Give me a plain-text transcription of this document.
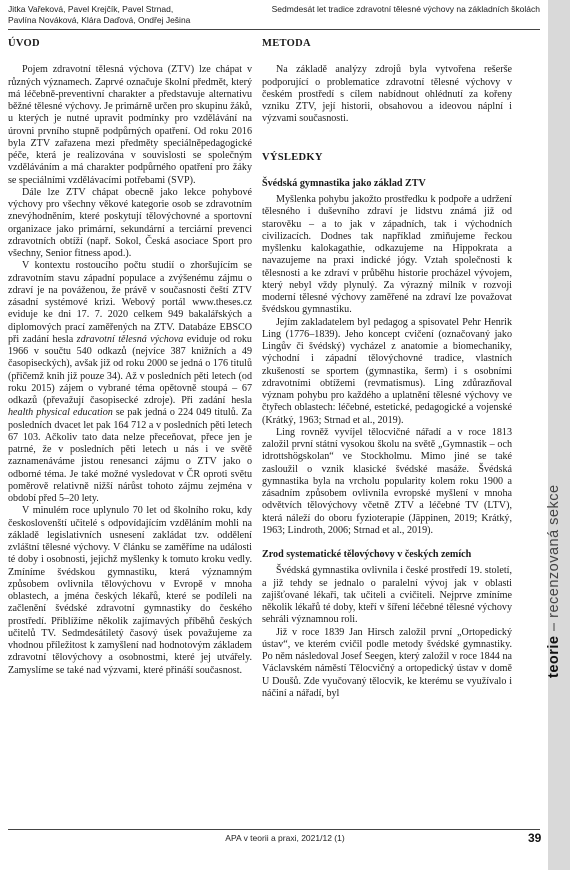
Jitka Vařeková, Pavel Krejčík, Pavel Strnad,
Pavlína Nováková, Klára Daďová, Ondřej Ješina
Sedmdesát let tradice zdravotní tělesné výchovy na základních školách
teorie – recenzovaná sekce
ÚVOD

Pojem zdravotní tělesná výchova (ZTV) lze chápat v různých významech. Zaprvé označuje školní předmět, který má léčebně-preventivní charakter a představuje alternativu běžné tělesné výchovy. Je primárně určen pro skupinu žáků, u kterých je nutné upravit podmínky pro vzdělávání na úrovni prvního stupně podpůrných opatření. Od roku 2016 byla ZTV zařazena mezi předměty speciálněpedagogické péče, která je realizována v souvislosti se společným vzděláváním a má charakter podpůrného opatření pro žáky se speciálními vzdělávacími potřebami (SVP).

Dále lze ZTV chápat obecně jako lekce pohybové výchovy pro všechny věkové kategorie osob se zdravotním znevýhodněním, které poskytují tělovýchovné a sportovní organizace jako primární, sekundární a terciární prevenci zdravotních obtíží (např. Sokol, Česká asociace Sport pro všechny, Senior fitness apod.).

V kontextu rostoucího počtu studií o zhoršujícím se zdravotním stavu západní populace a zvýšenému zájmu o zdraví je na pováženou, že právě v současnosti čeští ZTV zásadní systémové krizi. Webový portál www.theses.cz eviduje ke dni 17. 7. 2020 celkem 949 bakalářských a diplomových prací zaměřených na ZTV. Databáze EBSCO při zadání hesla zdravotní tělesná výchova eviduje od roku 1966 v součtu 540 odkazů (nejvíce 387 knižních a 49 časopiseckých), avšak již od roku 2000 se jedná o 176 titulů (přičemž knih již pouze 34). Až v posledních pěti letech (od roku 2015) zájem o vybrané téma opětovně stoupá – 67 odkazů (převažují časopisecké zdroje). Při zadání hesla health physical education se pak jedná o 224 049 titulů. Za posledních dvacet let pak 164 712 a v posledních pěti letech 67 103. Ačkoliv tato data nelze přeceňovat, přece jen je patrné, že v posledních pěti letech u nás i ve světě zaznamenáváme jistou renesanci zájmu o ZTV jako o odborné téma. Je také možné vysledovat v ČR oproti světu poměrově relativně nižší nárůst tohoto zájmu zejména v období před 5–20 lety.

V minulém roce uplynulo 70 let od školního roku, kdy českoslovenští učitelé s odpovídajícím vzděláním mohli na základě legislativních usnesení zakládat tzv. oddělení zvláštní tělesné výchovy. V článku se zaměříme na události té doby i osobnosti, jejichž myšlenky k tomuto kroku vedly. Zmíníme švédskou gymnastiku, která významným způsobem ovlivnila tělovýchovu v Evropě v mnoha oblastech, a jména českých lékařů, které se podíleli na začlenění švédské zdravotní gymnastiky do českého prostředí. Přiblížíme několik zajímavých příběhů českých učitelů TV. Sedmdesátiletý časový úsek považujeme za vhodnou příležitost k zamyšlení nad hodnotovým základem zdravotní tělovýchovy a osobnostmi, které jej utvářely. Zamyslíme se také nad výzvami, které přináší současnost.

METODA

Na základě analýzy zdrojů byla vytvořena rešerše podporující o problematice zdravotní tělesné výchovy v českém prostředí s cílem nabídnout ohlédnutí za kořeny vzniku ZTV, její historii, obsahovou a ideovou náplní i výzvami současnosti.

VÝSLEDKY
Švédská gymnastika jako základ ZTV

Myšlenka pohybu jakožto prostředku k podpoře a udržení tělesného i duševního zdraví je lidstvu známá již od starověku – a to jak v západních, tak i východních civilizacích. Dodnes tak například zmiňujeme řeckou myšlenku kalokagathie, odkazujeme na Hippokrata a navazujeme na praxi indické jógy. Vztah společnosti k tělesnosti a ke zdraví v průběhu historie procházel vývojem, který nebyl vždy plynulý. Za výrazný milník v rozvoji moderní tělesné výchovy zaměřené na zdraví lze považovat švédskou gymnastiku.

Jejím zakladatelem byl pedagog a spisovatel Pehr Henrik Ling (1776–1839). Jeho koncept cvičení (označovaný jako Lingův či švédský) vycházel z anatomie a biomechaniky, východní i západní tělovýchovné tradice, vlastních zkušeností se sportem (gymnastika, šerm) i s osobními zdravotními obtížemi (revmatismus). Ling zdůrazňoval význam pohybu pro každého a uplatnění tělesné výchovy ve čtyřech oblastech: léčebné, estetické, pedagogické a vojenské (Krátký, 1963; Strnad et al., 2019).

Ling rovněž vyvíjel tělocvičné nářadí a v roce 1813 založil první státní vysokou školu na světě „Gymnastik – och idrottshögskolan“ ve Stockholmu. Mimo jiné se také zasloužil o vznik klasické švédské masáže. Švédská gymnastika byla na vrcholu popularity kolem roku 1900 a zásadním způsobem ovlivnila evropské myšlení v mnoha odvětvích tělovýchovy včetně ZTV a léčebné TV (LTV), která náleží do oboru fyzioterapie (Jäppinen, 2019; Krátký, 1963; Lindroth, 2006; Strnad et al., 2019).

Zrod systematické tělovýchovy v českých zemích

Švédská gymnastika ovlivnila i české prostředí 19. století, a již tehdy se jednalo o paralelní vývoj jak v oblasti zajišťované lékaři, tak učiteli a cvičiteli. Nejprve zmíníme několik lékařů té doby, kteří v šíření léčebné tělesné výchovy sehráli významnou roli.

Již v roce 1839 Jan Hirsch založil první „Ortopedický ústav“, ve kterém cvičil podle metody švédské gymnastiky. Po něm následoval Josef Seegen, který založil v roce 1844 na Václavském náměstí Tělocvičný a ortopedický ústav v domě U Doušů. Zde vyučovaný tělocvik, ke kterému se využívalo i náčiní a nářadí, byl

APA v teorii a praxi, 2021/12 (1)	39
